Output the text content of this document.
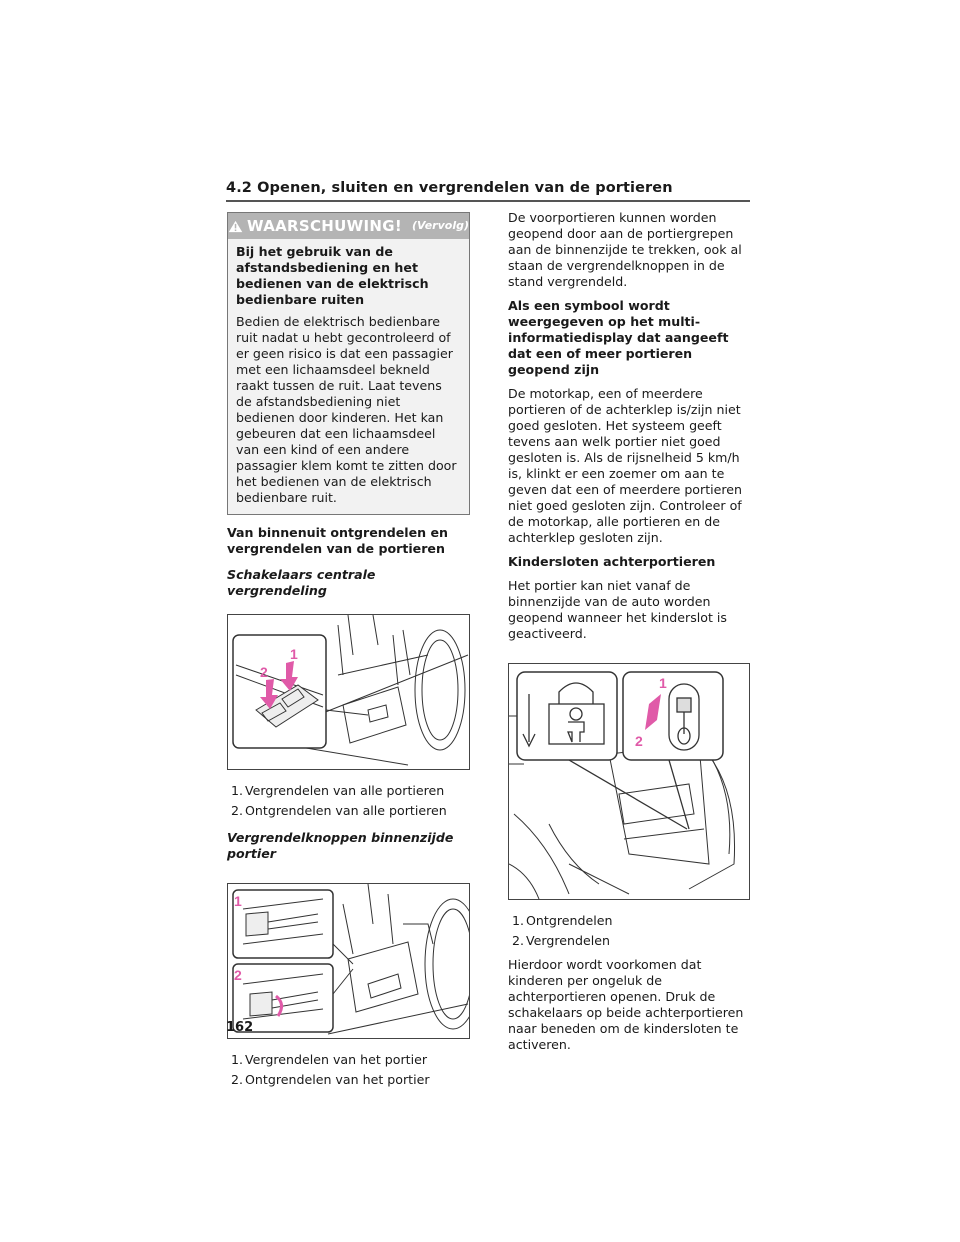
4.2 Openen, sluiten en vergrendelen van de portieren
WAARSCHUWING! (Vervolg)

Bij het gebruik van de afstandsbediening en het bedienen van de elektrisch bedienbare ruiten

Bedien de elektrisch bedienbare ruit nadat u hebt gecontroleerd of er geen risico is dat een passagier met een lichaamsdeel bekneld raakt tussen de ruit. Laat tevens de afstandsbediening niet bedienen door kinderen. Het kan gebeuren dat een lichaamsdeel van een kind of een andere passagier klem komt te zitten door het bedienen van de elektrisch bedienbare ruit.

Van binnenuit ontgrendelen en vergrendelen van de portieren

Schakelaars centrale vergrendeling

1
2
1. Vergrendelen van alle portieren
2. Ontgrendelen van alle portieren

Vergrendelknoppen binnenzijde portier

1
2
1. Vergrendelen van het portier
2. Ontgrendelen van het portier

De voorportieren kunnen worden geopend door aan de portiergrepen aan de binnenzijde te trekken, ook al staan de vergrendelknoppen in de stand vergrendeld.

Als een symbool wordt weergegeven op het multi-informatiedisplay dat aangeeft dat een of meer portieren geopend zijn

De motorkap, een of meerdere portieren of de achterklep is/zijn niet goed gesloten. Het systeem geeft tevens aan welk portier niet goed gesloten is. Als de rijsnelheid 5 km/h is, klinkt er een zoemer om aan te geven dat een of meerdere portieren niet goed gesloten zijn. Controleer of de motorkap, alle portieren en de achterklep gesloten zijn.

Kindersloten achterportieren

Het portier kan niet vanaf de binnenzijde van de auto worden geopend wanneer het kinderslot is geactiveerd.

1
2
1. Ontgrendelen
2. Vergrendelen

Hierdoor wordt voorkomen dat kinderen per ongeluk de achterportieren openen. Druk de schakelaars op beide achterportieren naar beneden om de kindersloten te activeren.

162
